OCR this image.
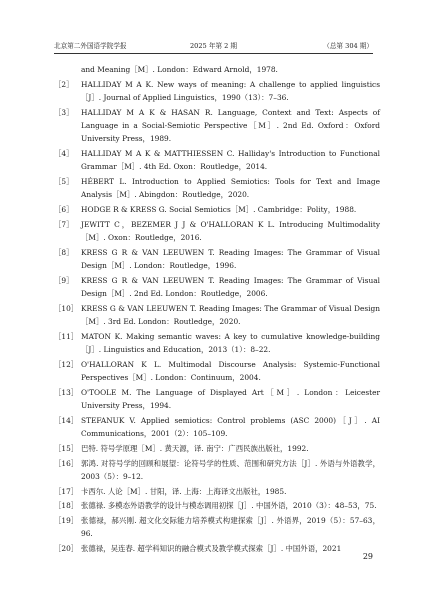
北京第二外国语学院学报	2025 年第 2 期	（总第 304 期）
and Meaning［M］. London：Edward Arnold，1978.
［2］	HALLIDAY M A K. New ways of meaning: A challenge to applied linguistics［J］. Journal of Applied Linguistics，1990（13）：7–36.
［3］	HALLIDAY M A K & HASAN R. Language, Context and Text: Aspects of Language in a Social-Semiotic Perspective［M］. 2nd Ed. Oxford：Oxford University Press，1989.
［4］	HALLIDAY M A K & MATTHIESSEN C. Halliday's Introduction to Functional Grammar［M］. 4th Ed. Oxon：Routledge，2014.
［5］	HÉBERT L. Introduction to Applied Semiotics: Tools for Text and Image Analysis［M］. Abingdon：Routledge，2020.
［6］	HODGE R & KRESS G. Social Semiotics［M］. Cambridge：Polity，1988.
［7］	JEWITT C，BEZEMER J J & O'HALLORAN K L. Introducing Multimodality［M］. Oxon：Routledge，2016.
［8］	KRESS G R & VAN LEEUWEN T. Reading Images: The Grammar of Visual Design［M］. London：Routledge，1996.
［9］	KRESS G R & VAN LEEUWEN T. Reading Images: The Grammar of Visual Design［M］. 2nd Ed. London：Routledge，2006.
［10］ KRESS G & VAN LEEUWEN T. Reading Images: The Grammar of Visual Design［M］. 3rd Ed. London：Routledge，2020.
［11］ MATON K. Making semantic waves: A key to cumulative knowledge-building［J］. Linguistics and Education，2013（1）：8–22.
［12］ O'HALLORAN K L. Multimodal Discourse Analysis: Systemic-Functional Perspectives［M］. London：Continuum，2004.
［13］ O'TOOLE M. The Language of Displayed Art［M］. London：Leicester University Press，1994.
［14］ STEFANUK V. Applied semiotics: Control problems (ASC 2000)［J］. AI Communications，2001（2）：105–109.
［15］ 巴特. 符号学原理［M］. 黄天源，译. 南宁：广西民族出版社，1992.
［16］ 郭鸿. 对符号学的回顾和展望：论符号学的性质、范围和研究方法［J］. 外语与外语教学，2003（5）：9–12.
［17］ 卡西尔. 人论［M］. 甘阳，译. 上海：上海译文出版社，1985.
［18］ 张德禄. 多模态外语教学的设计与模态调用初探［J］. 中国外语，2010（3）：48–53，75.
［19］ 张德禄，郝兴刚. 超文化交际能力培养模式构建探索［J］. 外语界，2019（5）：57–63，96.
［20］ 张德禄，吴连春. 超学科知识的融合模式及教学模式探索［J］. 中国外语，2021
29
